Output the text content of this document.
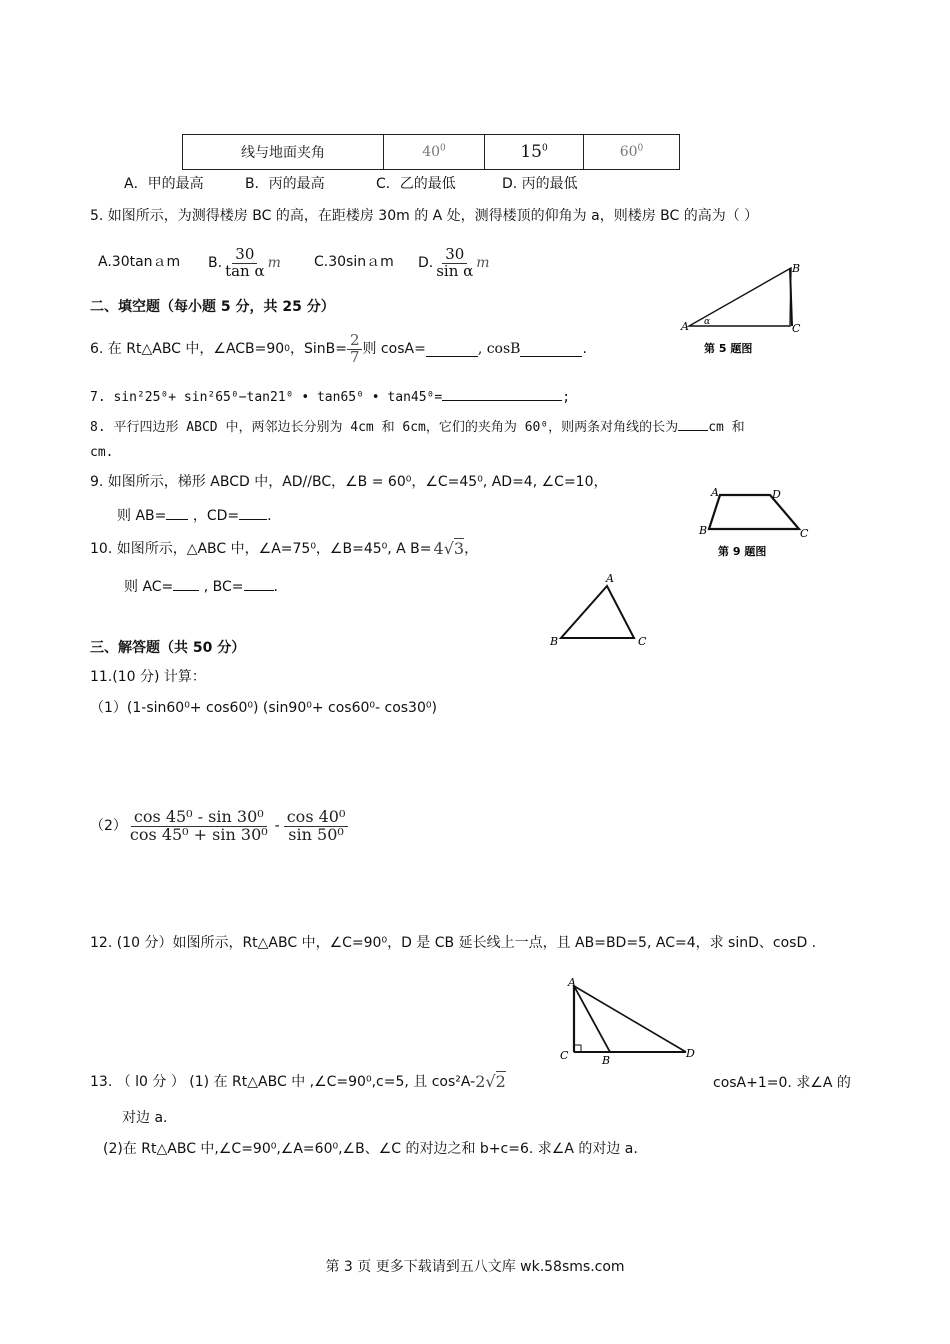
线与地面夹角	$40^0$	$15^0$	$60^0$
A．甲的最高	B．丙的最高	C．乙的最低	D. 丙的最低
5. 如图所示，为测得楼房 BC 的高，在距楼房 30m 的 A 处，测得楼顶的仰角为 a，则楼房 BC 的高为（ ）
A.30tanａm B. $\frac{30}{\text{tan α}}$ m C.30sinａm D. $\frac{30}{\text{sin α}}$ m
A
B
C
α
第 5 题图
二、填空题（每小题 5 分，共 25 分）
6. 在 Rt△ABC 中，∠ACB=90 0 ，SinB= $\frac{2}{7}$ 则 cosA=	, cosB	.
7. sin²25⁰+ sin²65⁰−tan21⁰ • tan65⁰ • tan45⁰=	;
8. 平行四边形 ABCD 中，两邻边长分别为 4cm 和 6cm，它们的夹角为 60⁰，则两条对角线的长为 cm 和
cm.
9. 如图所示，梯形 ABCD 中，AD//BC，∠B = 60⁰，∠C=45⁰, AD=4, ∠C=10，
则 AB= ，CD= .
A	D
B	C
第 9 题图
10. 如图所示，△ABC 中，∠A=75⁰，∠B=45⁰, A B= 4√3 ，
则 AC= , BC= .
A
B	C
三、解答题（共 50 分）
11.(10 分) 计算：
（1）(1-sin60⁰+ cos60⁰) (sin90⁰+ cos60⁰- cos30⁰)
$(2) \frac{\text{cos 45⁰ - sin 30⁰}}{\text{cos 45⁰ + sin 30⁰}} - \frac{\text{cos 40⁰}}{\text{sin 50⁰}}$
12. (10 分）如图所示，Rt△ABC 中，∠C=90⁰，D 是 CB 延长线上一点，且 AB=BD=5, AC=4，求 sinD、cosD .
A
C	B
D
13. （ l0 分 ） (1) 在 Rt△ABC 中 ,∠C=90⁰,c=5, 且 cos²A- 2√2	cosA+1=0. 求∠A 的
对边 a.
(2)在 Rt△ABC 中,∠C=90⁰,∠A=60⁰,∠B、∠C 的对边之和 b+c=6. 求∠A 的对边 a.
第 3 页 更多下载请到五八文库 wk.58sms.com
